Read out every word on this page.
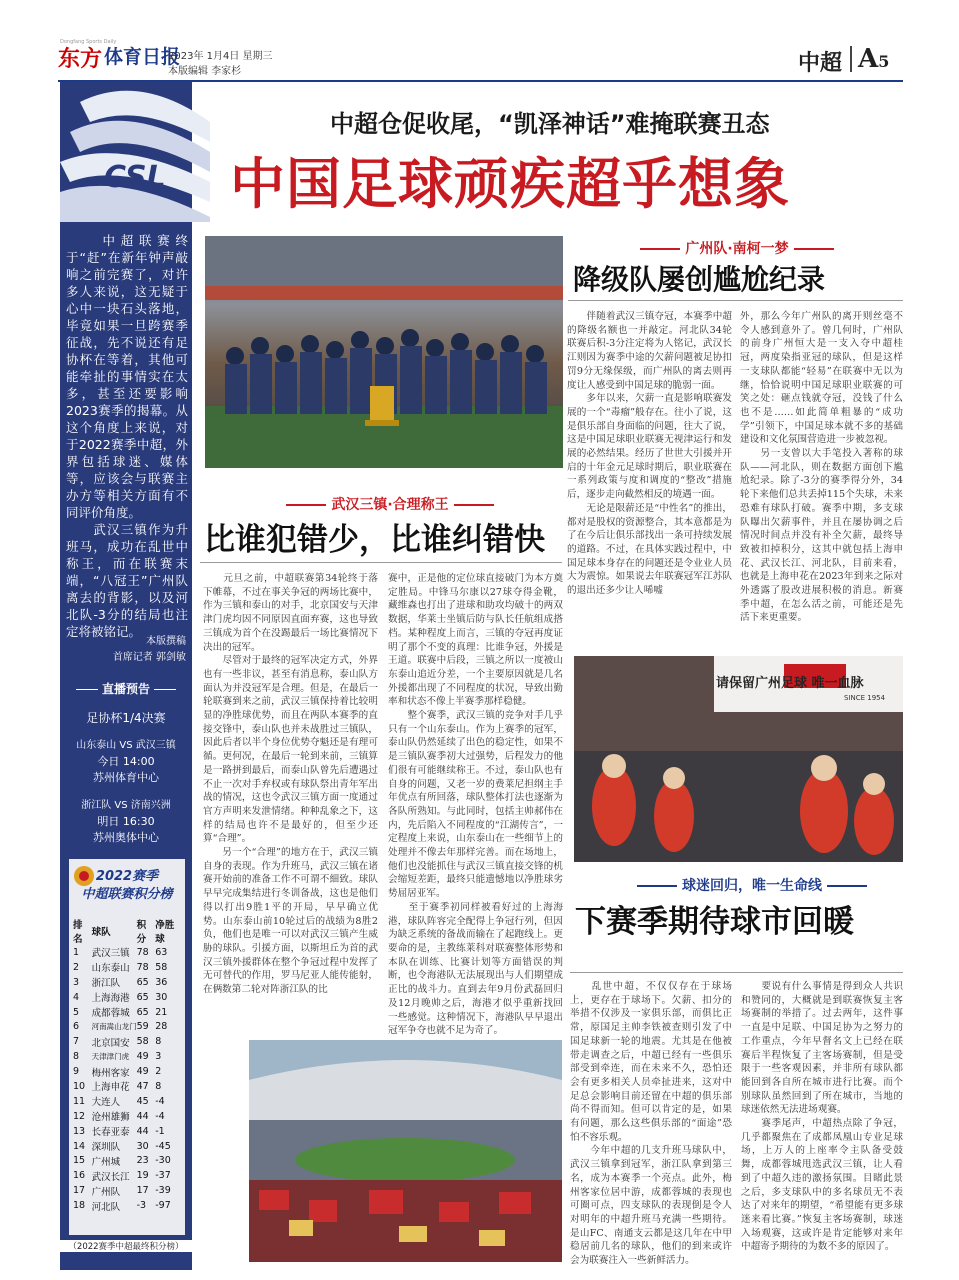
Dongfang Sports Daily
东方 体育日报
2023年 1月4日 星期三
本版编辑 李家杉	中超 A5
CSL
　　中超联赛终于“赶”在新年钟声敲响之前完赛了，对许多人来说，这无疑于心中一块石头落地，毕竟如果一旦跨赛季征战，先不说还有足协杯在等着，其他可能牵扯的事情实在太多，甚至还要影响2023赛季的揭幕。从这个角度上来说，对于2022赛季中超，外界包括球迷、媒体等，应该会与联赛主办方等相关方面有不同评价角度。
　　武汉三镇作为升班马，成功在乱世中称王，而在联赛末端，“八冠王”广州队离去的背影，以及河北队-3分的结局也注定将被铭记。
本版撰稿
首席记者 郭剑敏
直播预告
足协杯1/4决赛
山东泰山 VS 武汉三镇
今日 14:00
苏州体育中心
浙江队 VS 济南兴洲
明日 16:30
苏州奥体中心
2022赛季
中超联赛积分榜
排名	球队	积分	净胜球
1	武汉三镇	78	63
2	山东泰山	78	58
3	浙江队	65	36
4	上海海港	65	30
5	成都蓉城	65	21
6	河南嵩山龙门	59	28
7	北京国安	58	8
8	天津津门虎	49	3
9	梅州客家	49	2
10	上海申花	47	8
11	大连人	45	-4
12	沧州雄狮	44	-4
13	长春亚泰	44	-1
14	深圳队	30	-45
15	广州城	23	-30
16	武汉长江	19	-37
17	广州队	17	-39
18	河北队	-3	-97
（2022赛季中超最终积分榜）
中超仓促收尾，“凯泽神话”难掩联赛丑态
中国足球顽疾超乎想象
广州队·南柯一梦
降级队屡创尴尬纪录
　　伴随着武汉三镇夺冠，本赛季中超的降级名额也一并敲定。河北队34轮联赛后积-3分注定将为人铭记，武汉长江则因为赛季中途的欠薪问题被足协扣罚9分无缘保级，而广州队的离去则再度让人感受到中国足球的脆弱一面。
　　多年以来，欠薪一直是影响联赛发展的一个“毒瘤”般存在。往小了说，这是俱乐部自身面临的问题，往大了说，这是中国足球职业联赛无视津运行和发展的必然结果。经历了世世大引援并开启的十年金元足球时期后，职业联赛在一系列政策与度和调度的“整改”措施后，逐步走向截然相反的境遇一面。
　　无论是限薪还是“中性名”的推出，都对是股权的资源整合，其本意都是为了在今后让俱乐部找出一条可持续发展的道路。不过，在具体实践过程中，中国足球本身存在的问题还是令业业人员大为震惊。如果说去年联赛冠军江苏队的退出还多少让人唏嘘
外，那么今年广州队的离开则丝毫不令人感到意外了。曾几何时，广州队的前身广州恒大是一支入夺中超桂冠，两度染指亚冠的球队，但是这样一支球队都能“轻易”在联赛中无以为继，恰恰说明中国足球职业联赛的可笑之处：砸点钱就夺冠，没钱了什么也不是……如此简单粗暴的“成功学”引领下，中国足球本就不多的基础建设和文化氛围营造进一步被忽视。
　　另一支曾以大手笔投入著称的球队——河北队，则在数据方面创下尴尬纪录。除了-3分的赛季得分外，34轮下来他们总共丢掉115个失球，未来恐难有球队打破。赛季中期，多支球队曝出欠薪事件，并且在屡协调之后情况时间点并没有补全欠薪，最终导致被扣掉积分，这其中就包括上海申花、武汉长江、河北队，目前来看，也就是上海申花在2023年到来之际对外透露了股改进展积极的消息。新赛季中超，在怎么活之前，可能还是先活下来更重要。
武汉三镇·合理称王
比谁犯错少，比谁纠错快
　　元旦之前，中超联赛第34轮终于落下帷幕，不过在事关争冠的两场比赛中，作为三镇和泰山的对手，北京国安与天津津门虎均因不同原因直面弃赛，这也导致三镇成为首个在没踢最后一场比赛情况下决出的冠军。
　　尽管对于最终的冠军决定方式，外界也有一些非议，甚至有消息称，泰山队方面认为并没冠军是合理。但是，在最后一轮联赛到来之前，武汉三镇保持着比较明显的净胜球优势，而且在两队本赛季的直接交锋中，泰山队也并未战胜过三镇队，因此后者以半个身位优势夺魁还是有理可循。更何况，在最后一轮到来前，三镇算是一路拼到最后，而泰山队曾先后遭遇过不止一次对手弃权或有球队祭出青年军出战的情况，这也令武汉三镇方面一度通过官方声明来发泄情绪。种种乱象之下，这样的结局也许不是最好的，但至少还算“合理”。
　　另一个“合理”的地方在于，武汉三镇自身的表现。作为升班马，武汉三镇在诸赛开始前的准备工作不可谓不細致。球队早早完成集结进行冬训备战，这也是他们得以打出9胜1平的开局，早早确立优势。山东泰山前10轮过后的战绩为8胜2负，他们也是唯一可以对武汉三镇产生威胁的球队。引援方面，以斯坦丘为首的武汉三镇外援群体在整个争冠过程中发挥了无可替代的作用，罗马尼亚人能传能射，在俩数第二轮对阵浙江队的比
赛中，正是他的定位球直接破门为本方奠定胜局。中锋马尔康以27球夺得金靴，藏维森也打出了进球和助攻均破十的两双数据，华莱士坐镇后防与队长任航组成搭档。某种程度上而言，三镇的夺冠再度证明了那个不变的真理：比谁争冠，外援是王道。联赛中后段，三镇之所以一度被山东泰山追近分差，一个主要原因就是几名外援都出现了不同程度的状况，导致出勤率和状态不像上半赛季那样稳健。
　　整个赛季，武汉三镇的竞争对手几乎只有一个山东泰山。作为上赛季的冠军，泰山队仍然延续了出色的稳定性，如果不是三镇队赛季初大过强势，后程发力的他们很有可能继续称王。不过，泰山队也有自身的问题，又老一岁的费莱尼担纲主手年优点有所回落，球队整体打法也逐渐为各队所熟知。与此同时，包括主帅郝伟在内，先后陷入不同程度的“江湖传言”，一定程度上来说，山东泰山在一些细节上的处理并不像去年那样完善。而在场地上，他们也没能抓住与武汉三镇直接交锋的机会缩短差距，最终只能遗憾地以净胜球劣势屈居亚军。
　　至于赛季初同样被看好过的上海海港，球队阵容完全配得上争冠行列，但因为缺乏系统的备战而输在了起跑线上。更要命的是，主教练莱科对联赛整体形势和本队在训练、比赛计划等方面错误的判断，也令海港队无法展现出与人们期望成正比的战斗力。直到去年9月份武磊回归及12月晚帅之后，海港才似乎重新找回一些感觉。这种情况下，海港队早早退出冠军争夺也就不足为奇了。
请保留广州足球 唯一血脉
SINCE 1954
球迷回归，唯一生命线
下赛季期待球市回暖
　　乱世中超，不仅仅存在于球场上，更存在于球场下。欠薪、扣分的举措不仅涉及一家俱乐部，而俱比正常，原国足主帅李铁被查则引发了中国足球新一轮的地震。尤其是在他被带走调查之后，中超已经有一些俱乐部受到牵连，而在未来不久，恐怕还会有更多相关人员牵扯进来，这对中足总会影响目前还留在中超的俱乐部尚不得而知。但可以肯定的是，如果有问题，那么这些俱乐部的“面途”恐怕不容乐观。
　　今年中超的几支升班马球队中，武汉三镇拿到冠军，浙江队拿到第三名，成为本赛季一个亮点。此外，梅州客家位居中游，成都蓉城的表现也可圈可点，四支球队的表现倒是令人对明年的中超升班马充满一些期待。是山FC、南通支云都是这几年在中甲稳居前几名的球队，他们的到来或许会为联赛注入一些新鲜活力。
　　要说有什么事情是得到众人共识和赞同的，大概就是到联赛恢复主客场赛制的举措了。过去两年，这件事一直是中足联、中国足协为之努力的工作重点，今年早督名文上已经在联赛后半程恢复了主客场赛制，但是受限于一些客观因素，并非所有球队都能回到各自所在城市进行比赛。而个别球队虽然回到了所在城市，当地的球迷依然无法进场观赛。
　　赛季尾声，中超热点除了争冠，几乎都聚焦在了成都凤凰山专业足球场，上万人的上座率令主队备受鼓舞，成都蓉城甩选武汉三镇，让人看到了中超久违的激扬氛围。目睹此景之后，多支球队中的多名球员无不表达了对来年的期望，“希望能有更多球迷来看比赛。”恢复主客场赛制，球迷入场观赛，这或许是肯定能够对来年中超寄予期待的为数不多的原因了。
